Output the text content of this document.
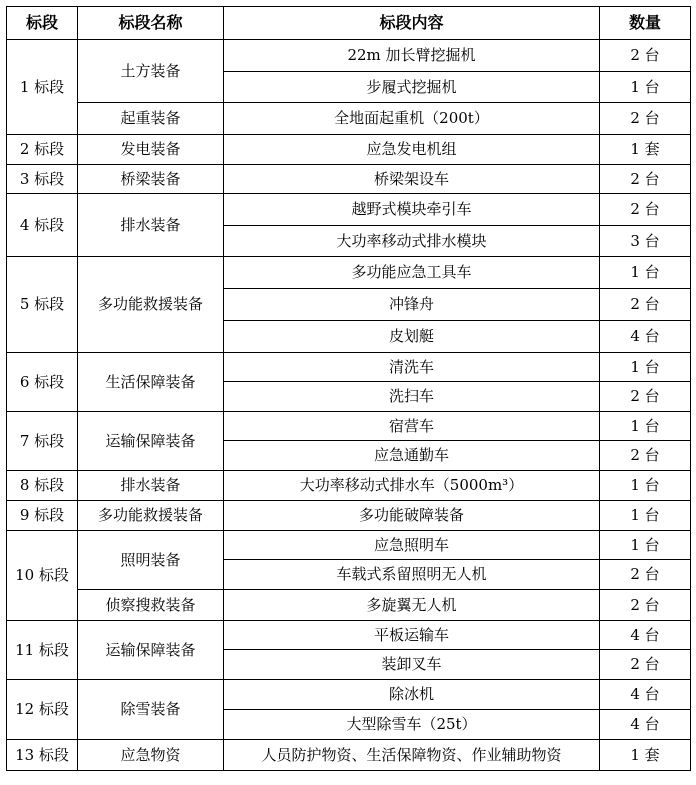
标段	标段名称	标段内容	数量
1 标段	土方装备	22m 加长臂挖掘机	2 台
		步履式挖掘机	1 台
	起重装备	全地面起重机（200t）	2 台
2 标段	发电装备	应急发电机组	1 套
3 标段	桥梁装备	桥梁架设车	2 台
4 标段	排水装备	越野式模块牵引车	2 台
		大功率移动式排水模块	3 台
5 标段	多功能救援装备	多功能应急工具车	1 台
		冲锋舟	2 台
		皮划艇	4 台
6 标段	生活保障装备	清洗车	1 台
		洗扫车	2 台
7 标段	运输保障装备	宿营车	1 台
		应急通勤车	2 台
8 标段	排水装备	大功率移动式排水车（5000m³）	1 台
9 标段	多功能救援装备	多功能破障装备	1 台
10 标段	照明装备	应急照明车	1 台
		车载式系留照明无人机	2 台
	侦察搜救装备	多旋翼无人机	2 台
11 标段	运输保障装备	平板运输车	4 台
		装卸叉车	2 台
12 标段	除雪装备	除冰机	4 台
		大型除雪车（25t）	4 台
13 标段	应急物资	人员防护物资、生活保障物资、作业辅助物资	1 套
